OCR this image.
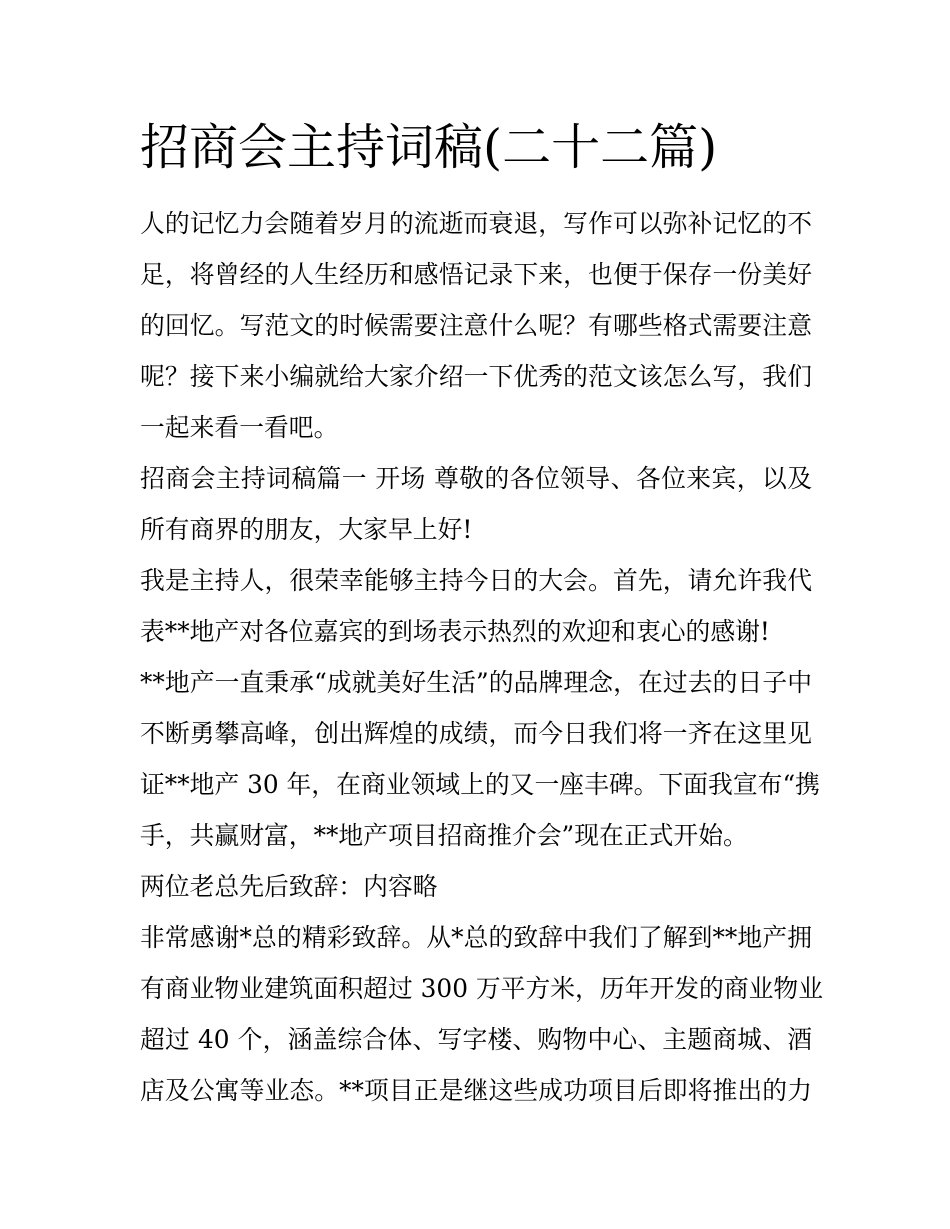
招商会主持词稿(二十二篇)
人的记忆力会随着岁月的流逝而衰退，写作可以弥补记忆的不
足，将曾经的人生经历和感悟记录下来，也便于保存一份美好
的回忆。写范文的时候需要注意什么呢？有哪些格式需要注意
呢？接下来小编就给大家介绍一下优秀的范文该怎么写，我们
一起来看一看吧。
招商会主持词稿篇一 开场 尊敬的各位领导、各位来宾，以及
所有商界的朋友，大家早上好!
我是主持人，很荣幸能够主持今日的大会。首先，请允许我代
表**地产对各位嘉宾的到场表示热烈的欢迎和衷心的感谢!
**地产一直秉承“成就美好生活”的品牌理念，在过去的日子中
不断勇攀高峰，创出辉煌的成绩，而今日我们将一齐在这里见
证**地产 30 年，在商业领域上的又一座丰碑。下面我宣布“携
手，共赢财富，**地产项目招商推介会”现在正式开始。
两位老总先后致辞：内容略
非常感谢*总的精彩致辞。从*总的致辞中我们了解到**地产拥
有商业物业建筑面积超过 300 万平方米，历年开发的商业物业
超过 40 个，涵盖综合体、写字楼、购物中心、主题商城、酒
店及公寓等业态。**项目正是继这些成功项目后即将推出的力
